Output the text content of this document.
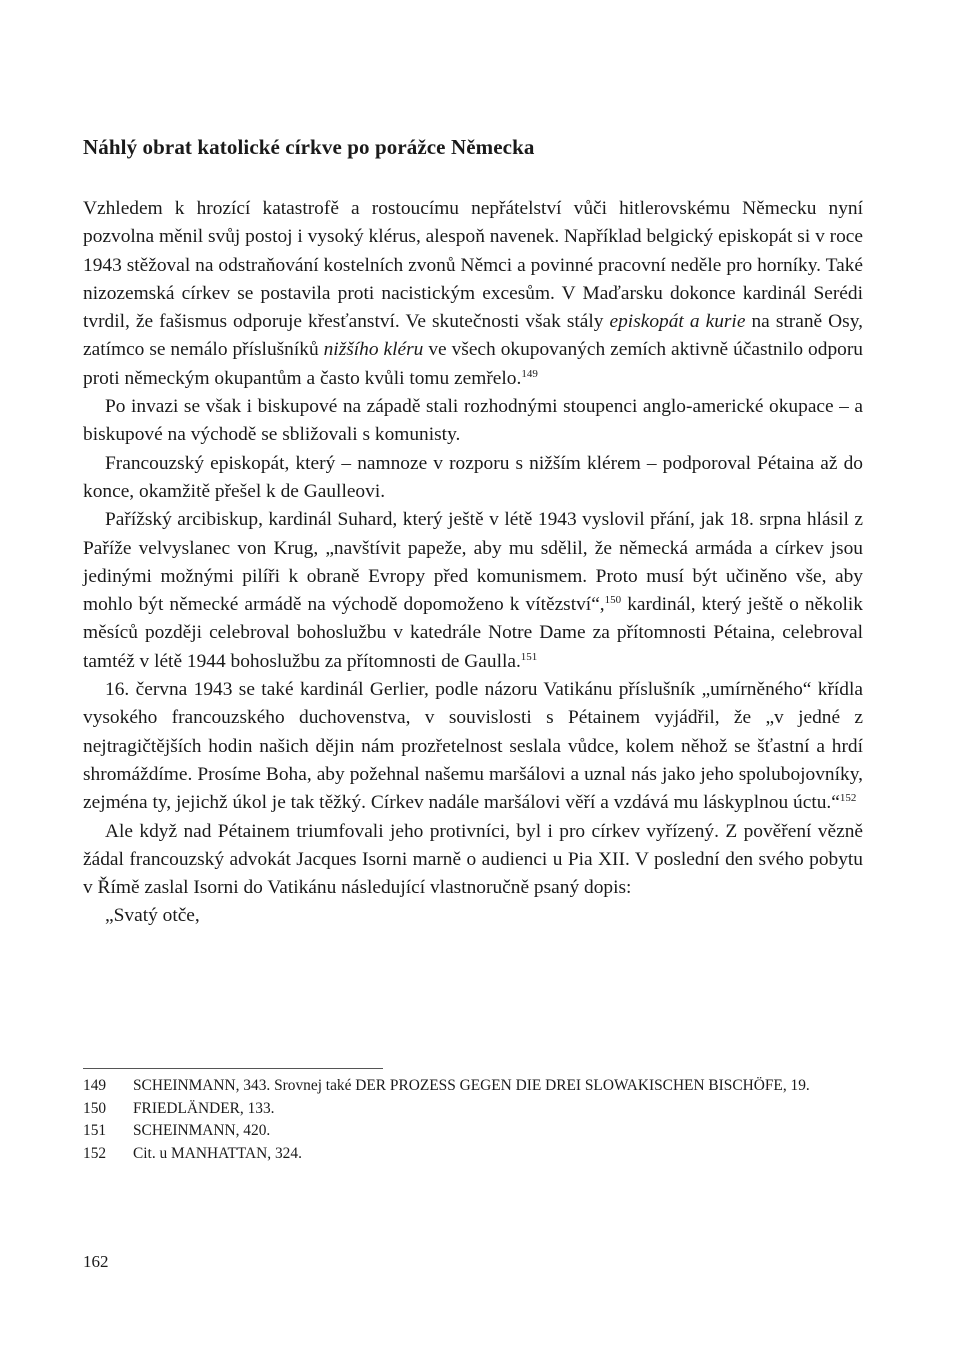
Náhlý obrat katolické církve po porážce Německa

Vzhledem k hrozící katastrofě a rostoucímu nepřátelství vůči hitlerovskému Německu nyní pozvolna měnil svůj postoj i vysoký klérus, alespoň navenek. Například belgický episkopát si v roce 1943 stěžoval na odstraňování kostelních zvonů Němci a povinné pracovní neděle pro horníky. Také nizozemská církev se postavila proti nacistickým excesům. V Maďarsku dokonce kardinál Serédi tvrdil, že fašismus odporuje křesťanství. Ve skutečnosti však stály episkopát a kurie na straně Osy, zatímco se nemálo příslušníků nižšího kléru ve všech okupovaných zemích aktivně účastnilo odporu proti německým okupantům a často kvůli tomu zemřelo.$^{149}$

Po invazi se však i biskupové na západě stali rozhodnými stoupenci anglo-americké okupace – a biskupové na východě se sbližovali s komunisty.

Francouzský episkopát, který – namnoze v rozporu s nižším klérem – podporoval Pétaina až do konce, okamžitě přešel k de Gaulleovi.

Pařížský arcibiskup, kardinál Suhard, který ještě v létě 1943 vyslovil přání, jak 18. srpna hlásil z Paříže velvyslanec von Krug, „navštívit papeže, aby mu sdělil, že německá armáda a církev jsou jedinými možnými pilíři k obraně Evropy před komunismem. Proto musí být učiněno vše, aby mohlo být německé armádě na východě dopomoženo k vítězství“,$^{150}$ kardinál, který ještě o několik měsíců později celebroval bohoslužbu v katedrále Notre Dame za přítomnosti Pétaina, celebroval tamtéž v létě 1944 bohoslužbu za přítomnosti de Gaulla.$^{151}$

16. června 1943 se také kardinál Gerlier, podle názoru Vatikánu příslušník „umírněného“ křídla vysokého francouzského duchovenstva, v souvislosti s Pétainem vyjádřil, že „v jedné z nejtragičtějších hodin našich dějin nám prozřetelnost seslala vůdce, kolem něhož se šťastní a hrdí shromáždíme. Prosíme Boha, aby požehnal našemu maršálovi a uznal nás jako jeho spolubojovníky, zejména ty, jejichž úkol je tak těžký. Církev nadále maršálovi věří a vzdává mu láskyplnou úctu.“$^{152}$

Ale když nad Pétainem triumfovali jeho protivníci, byl i pro církev vyřízený. Z pověření vězně žádal francouzský advokát Jacques Isorni marně o audienci u Pia XII. V poslední den svého pobytu v Římě zaslal Isorni do Vatikánu následující vlastnoručně psaný dopis:

„Svatý otče,

149 SCHEINMANN, 343. Srovnej také DER PROZESS GEGEN DIE DREI SLOWAKISCHEN BISCHÖFE, 19.

150 FRIEDLÄNDER, 133.

151 SCHEINMANN, 420.

152 Cit. u MANHATTAN, 324.

162
